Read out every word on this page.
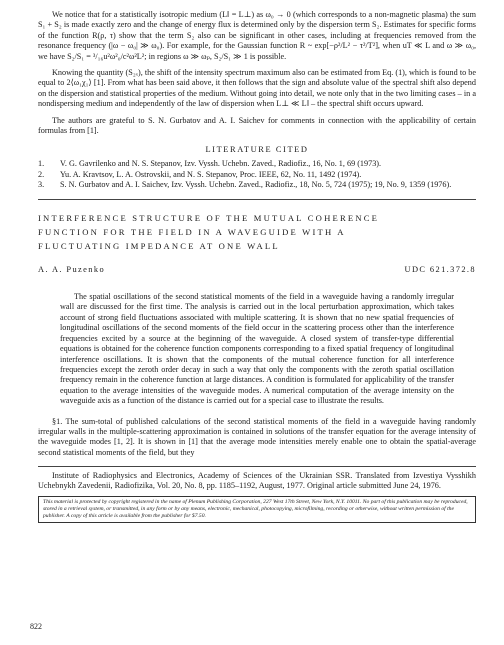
We notice that for a statistically isotropic medium (L‖ = L⊥) as ω₀ → 0 (which corresponds to a non-magnetic plasma) the sum S₁ + S₂ is made exactly zero and the change of energy flux is determined only by the dispersion term S₂. Estimates for specific forms of the function R(ρ, τ) show that the term S₂ also can be significant in other cases, including at frequencies removed from the resonance frequency (|ω − ω₀| ≫ ω₀). For example, for the Gaussian function R ~ exp[−ρ²/L² − τ²/T²], when uT ≪ L and ω ≫ ω₀, we have S₂/S₁ = ³/₁₆u²ω²₀/c²ω²L²; in regions ω ≫ ωₚ, S₂/S₁ ≫ 1 is possible.

Knowing the quantity (S₂ₓ), the shift of the intensity spectrum maximum also can be estimated from Eq. (1), which is found to be equal to 2⟨ω₁χ₁⟩ [1]. From what has been said above, it then follows that the sign and absolute value of the spectral shift also depend on the dispersion and statistical properties of the medium. Without going into detail, we note only that in the two limiting cases – in a nondispersing medium and independently of the law of dispersion when L⊥ ≪ L‖ – the spectral shift occurs upward.

The authors are grateful to S. N. Gurbatov and A. I. Saichev for comments in connection with the applicability of certain formulas from [1].

LITERATURE CITED
1.	V. G. Gavrilenko and N. S. Stepanov, Izv. Vyssh. Uchebn. Zaved., Radiofiz., 16, No. 1, 69 (1973).
2.	Yu. A. Kravtsov, L. A. Ostrovskii, and N. S. Stepanov, Proc. IEEE, 62, No. 11, 1492 (1974).
3.	S. N. Gurbatov and A. I. Saichev, Izv. Vyssh. Uchebn. Zaved., Radiofiz., 18, No. 5, 724 (1975); 19, No. 9, 1359 (1976).
INTERFERENCE STRUCTURE OF THE MUTUAL COHERENCE
FUNCTION FOR THE FIELD IN A WAVEGUIDE WITH A
FLUCTUATING IMPEDANCE AT ONE WALL
A. A. Puzenko	UDC 621.372.8

The spatial oscillations of the second statistical moments of the field in a waveguide having a randomly irregular wall are discussed for the first time. The analysis is carried out in the local perturbation approximation, which takes account of strong field fluctuations associated with multiple scattering. It is shown that no new spatial frequencies of longitudinal oscillations of the second moments of the field occur in the scattering process other than the interference frequencies excited by a source at the beginning of the waveguide. A closed system of transfer-type differential equations is obtained for the coherence function components corresponding to a fixed spatial frequency of longitudinal interference oscillations. It is shown that the components of the mutual coherence function for all interference frequencies except the zeroth order decay in such a way that only the components with the zeroth spatial oscillation frequency remain in the coherence function at large distances. A condition is formulated for applicability of the transfer equation to the average intensities of the waveguide modes. A numerical computation of the average intensity on the waveguide axis as a function of the distance is carried out for a special case to illustrate the results.

§1. The sum-total of published calculations of the second statistical moments of the field in a waveguide having randomly irregular walls in the multiple-scattering approximation is contained in solutions of the transfer equation for the average intensity of the waveguide modes [1, 2]. It is shown in [1] that the average mode intensities merely enable one to obtain the spatial-average second statistical moments of the field, but they

Institute of Radiophysics and Electronics, Academy of Sciences of the Ukrainian SSR. Translated from Izvestiya Vysshikh Uchebnykh Zavedenii, Radiofizika, Vol. 20, No. 8, pp. 1185–1192, August, 1977. Original article submitted June 24, 1976.

This material is protected by copyright registered in the name of Plenum Publishing Corporation, 227 West 17th Street, New York, N.Y. 10011. No part of this publication may be reproduced, stored in a retrieval system, or transmitted, in any form or by any means, electronic, mechanical, photocopying, microfilming, recording or otherwise, without written permission of the publisher. A copy of this article is available from the publisher for $7.50.
822
